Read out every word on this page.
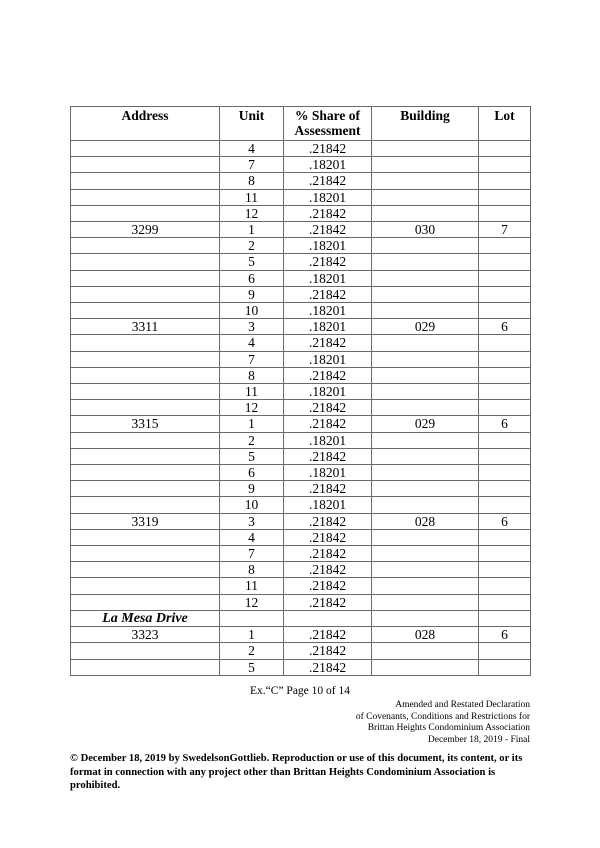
Address	Unit	% Share of Assessment	Building	Lot
	4	.21842		
	7	.18201		
	8	.21842		
	11	.18201		
	12	.21842		
3299	1	.21842	030	7
	2	.18201		
	5	.21842		
	6	.18201		
	9	.21842		
	10	.18201		
3311	3	.18201	029	6
	4	.21842		
	7	.18201		
	8	.21842		
	11	.18201		
	12	.21842		
3315	1	.21842	029	6
	2	.18201		
	5	.21842		
	6	.18201		
	9	.21842		
	10	.18201		
3319	3	.21842	028	6
	4	.21842		
	7	.21842		
	8	.21842		
	11	.21842		
	12	.21842		
La Mesa Drive				
3323	1	.21842	028	6
	2	.21842		
	5	.21842		
Ex.“C” Page 10 of 14
Amended and Restated Declaration
of Covenants, Conditions and Restrictions for
Brittan Heights Condominium Association
December 18, 2019 - Final
© December 18, 2019 by SwedelsonGottlieb. Reproduction or use of this document, its content, or its format in connection with any project other than Brittan Heights Condominium Association is prohibited.
